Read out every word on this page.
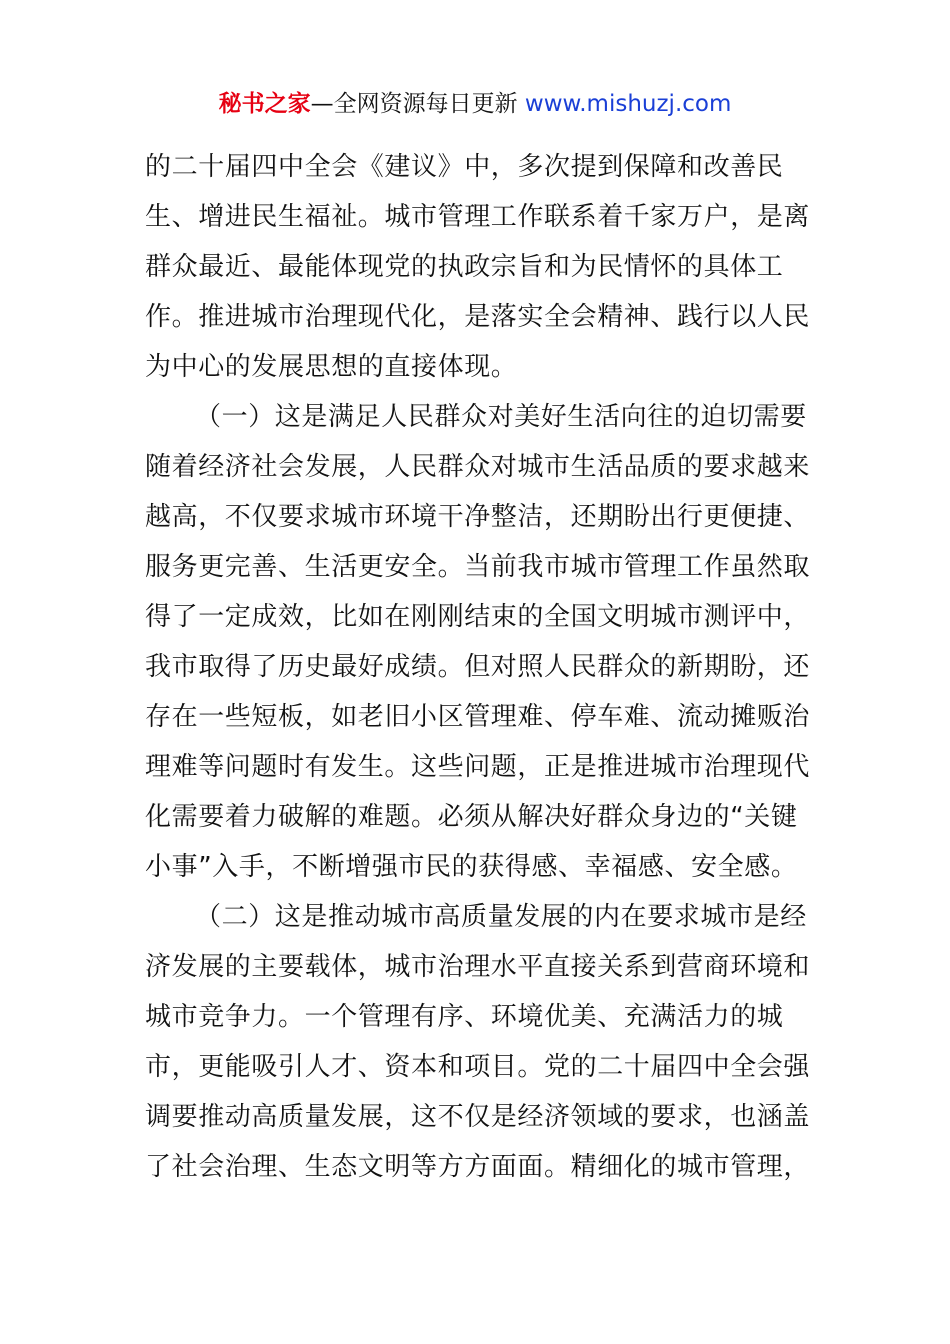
秘书之家—全网资源每日更新 www.mishuzj.com
的二十届四中全会《建议》中，多次提到保障和改善民
生、增进民生福祉。城市管理工作联系着千家万户，是离
群众最近、最能体现党的执政宗旨和为民情怀的具体工
作。推进城市治理现代化，是落实全会精神、践行以人民
为中心的发展思想的直接体现。
（一）这是满足人民群众对美好生活向往的迫切需要
随着经济社会发展，人民群众对城市生活品质的要求越来
越高，不仅要求城市环境干净整洁，还期盼出行更便捷、
服务更完善、生活更安全。当前我市城市管理工作虽然取
得了一定成效，比如在刚刚结束的全国文明城市测评中，
我市取得了历史最好成绩。但对照人民群众的新期盼，还
存在一些短板，如老旧小区管理难、停车难、流动摊贩治
理难等问题时有发生。这些问题，正是推进城市治理现代
化需要着力破解的难题。必须从解决好群众身边的“关键
小事”入手，不断增强市民的获得感、幸福感、安全感。
（二）这是推动城市高质量发展的内在要求城市是经
济发展的主要载体，城市治理水平直接关系到营商环境和
城市竞争力。一个管理有序、环境优美、充满活力的城
市，更能吸引人才、资本和项目。党的二十届四中全会强
调要推动高质量发展，这不仅是经济领域的要求，也涵盖
了社会治理、生态文明等方方面面。精细化的城市管理，
